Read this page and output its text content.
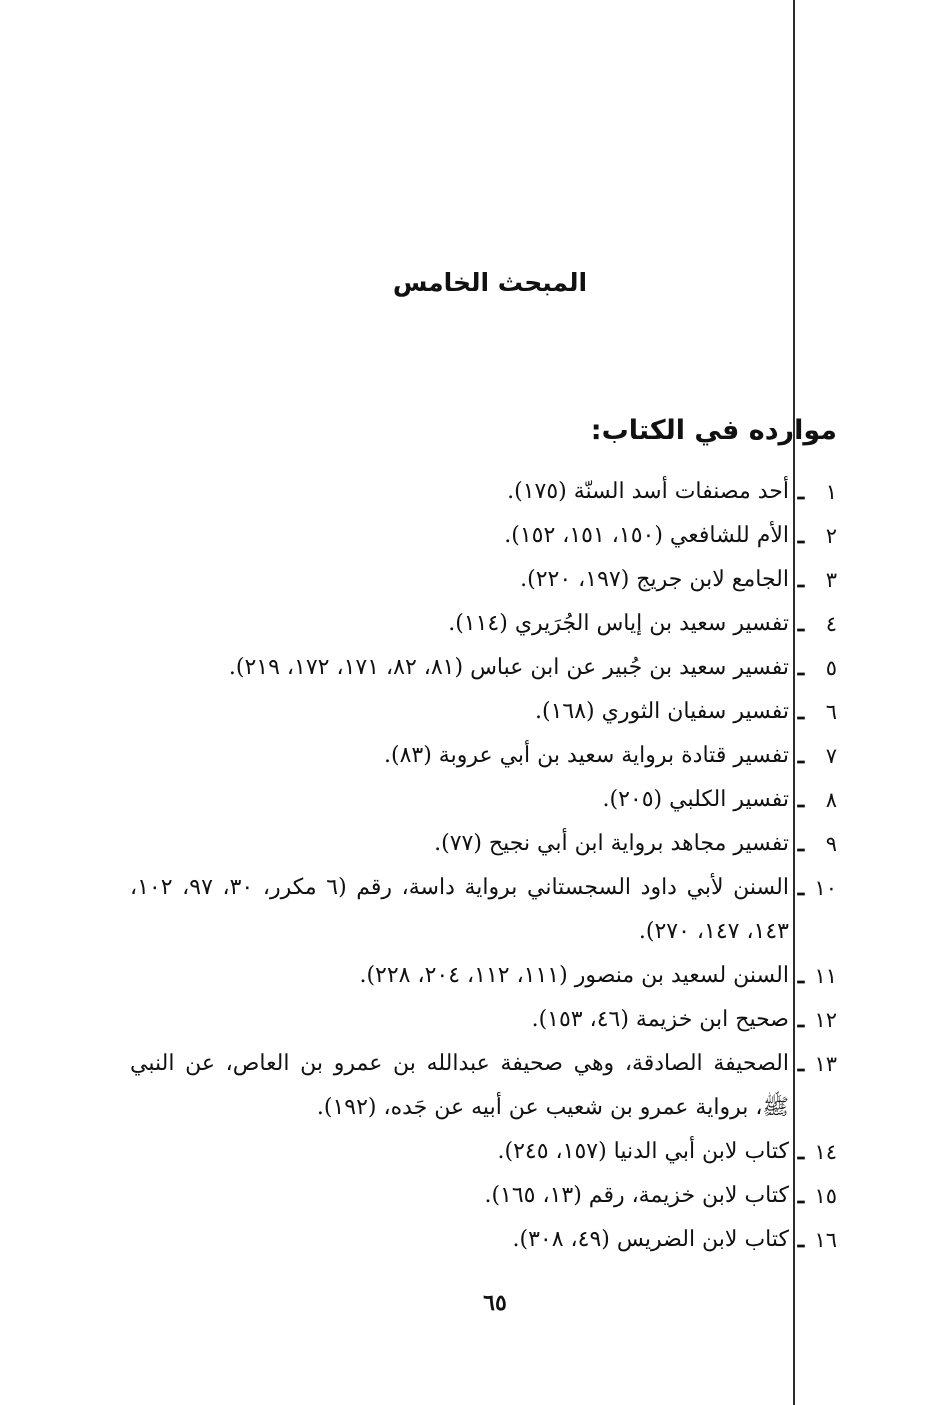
المبحث الخامس
موارده في الكتاب:
١
ـ
أحد مصنفات أسد السنّة (١٧٥).
٢
ـ
الأم للشافعي (١٥٠، ١٥١، ١٥٢).
٣
ـ
الجامع لابن جريج (١٩٧، ٢٢٠).
٤
ـ
تفسير سعيد بن إياس الجُرَيري (١١٤).
٥
ـ
تفسير سعيد بن جُبير عن ابن عباس (٨١، ٨٢، ١٧١، ١٧٢، ٢١٩).
٦
ـ
تفسير سفيان الثوري (١٦٨).
٧
ـ
تفسير قتادة برواية سعيد بن أبي عروبة (٨٣).
٨
ـ
تفسير الكلبي (٢٠٥).
٩
ـ
تفسير مجاهد برواية ابن أبي نجيح (٧٧).
١٠
ـ
السنن لأبي داود السجستاني برواية داسة، رقم (٦ مكرر، ٣٠، ٩٧، ١٠٢، ١٤٣، ١٤٧، ٢٧٠).
١١
ـ
السنن لسعيد بن منصور (١١١، ١١٢، ٢٠٤، ٢٢٨).
١٢
ـ
صحيح ابن خزيمة (٤٦، ١٥٣).
١٣
ـ
الصحيفة الصادقة، وهي صحيفة عبدالله بن عمرو بن العاص، عن النبي ﷺ، برواية عمرو بن شعيب عن أبيه عن جَده، (١٩٢).
١٤
ـ
كتاب لابن أبي الدنيا (١٥٧، ٢٤٥).
١٥
ـ
كتاب لابن خزيمة، رقم (١٣، ١٦٥).
١٦
ـ
كتاب لابن الضريس (٤٩، ٣٠٨).
٦٥
